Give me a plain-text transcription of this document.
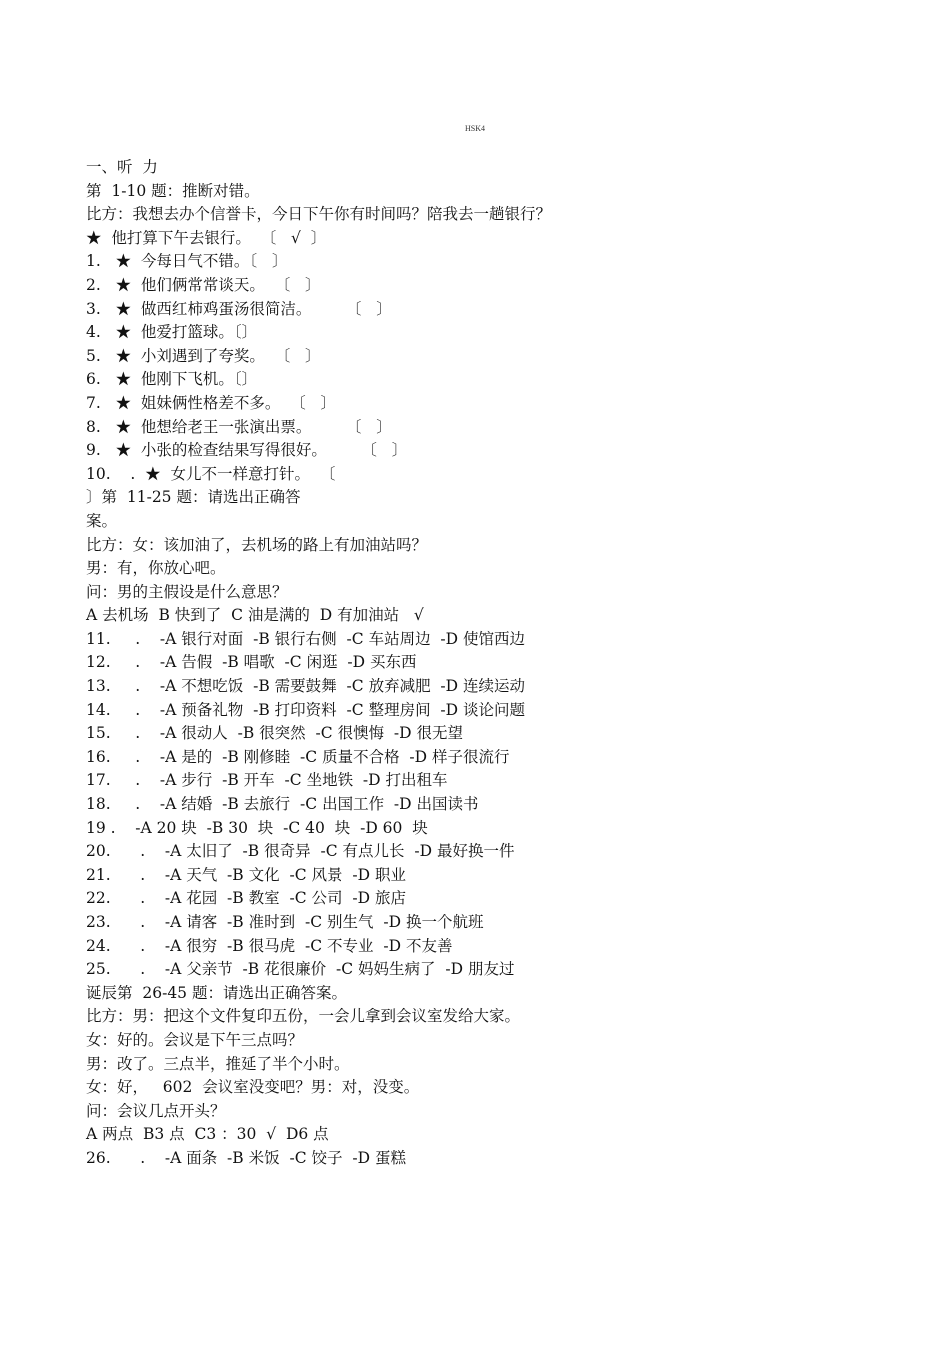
HSK4
一、听  力
第  1-10 题：推断对错。
比方：我想去办个信誉卡，今日下午你有时间吗？陪我去一趟银行？
★  他打算下午去银行。  〔   √  〕
1.   ★  今每日气不错。〔   〕
2.   ★  他们俩常常谈天。  〔   〕
3.   ★  做西红柿鸡蛋汤很简洁。       〔   〕
4.   ★  他爱打篮球。〔〕
5.   ★  小刘遇到了夸奖。  〔   〕
6.   ★  他刚下飞机。〔〕
7.   ★  姐妹俩性格差不多。  〔   〕
8.   ★  他想给老王一张演出票。       〔   〕
9.   ★  小张的检查结果写得很好。       〔   〕
10.    .  ★  女儿不一样意打针。  〔
〕第  11-25 题：请选出正确答
案。
比方：女：该加油了，去机场的路上有加油站吗？
男：有，你放心吧。
问：男的主假设是什么意思？
A 去机场  B 快到了  C 油是满的  D 有加油站   √
11.     .    -A 银行对面  -B 银行右侧  -C 车站周边  -D 使馆西边
12.     .    -A 告假  -B 唱歌  -C 闲逛  -D 买东西
13.     .    -A 不想吃饭  -B 需要鼓舞  -C 放弃减肥  -D 连续运动
14.     .    -A 预备礼物  -B 打印资料  -C 整理房间  -D 谈论问题
15.     .    -A 很动人  -B 很突然  -C 很懊悔  -D 很无望
16.     .    -A 是的  -B 刚修睦  -C 质量不合格  -D 样子很流行
17.     .    -A 步行  -B 开车  -C 坐地铁  -D 打出租车
18.     .    -A 结婚  -B 去旅行  -C 出国工作  -D 出国读书
19 .    -A 20 块  -B 30  块  -C 40  块  -D 60  块
20.      .    -A 太旧了  -B 很奇异  -C 有点儿长  -D 最好换一件
21.      .    -A 天气  -B 文化  -C 风景  -D 职业
22.      .    -A 花园  -B 教室  -C 公司  -D 旅店
23.      .    -A 请客  -B 准时到  -C 别生气  -D 换一个航班
24.      .    -A 很穷  -B 很马虎  -C 不专业  -D 不友善
25.      .    -A 父亲节  -B 花很廉价  -C 妈妈生病了  -D 朋友过
诞辰第  26-45 题：请选出正确答案。
比方：男：把这个文件复印五份，一会儿拿到会议室发给大家。
女：好的。会议是下午三点吗？
男：改了。三点半，推延了半个小时。
女：好，   602  会议室没变吧？男：对，没变。
问：会议几点开头？
A 两点  B3 点  C3 ：30  √  D6 点
26.      .    -A 面条  -B 米饭  -C 饺子  -D 蛋糕
